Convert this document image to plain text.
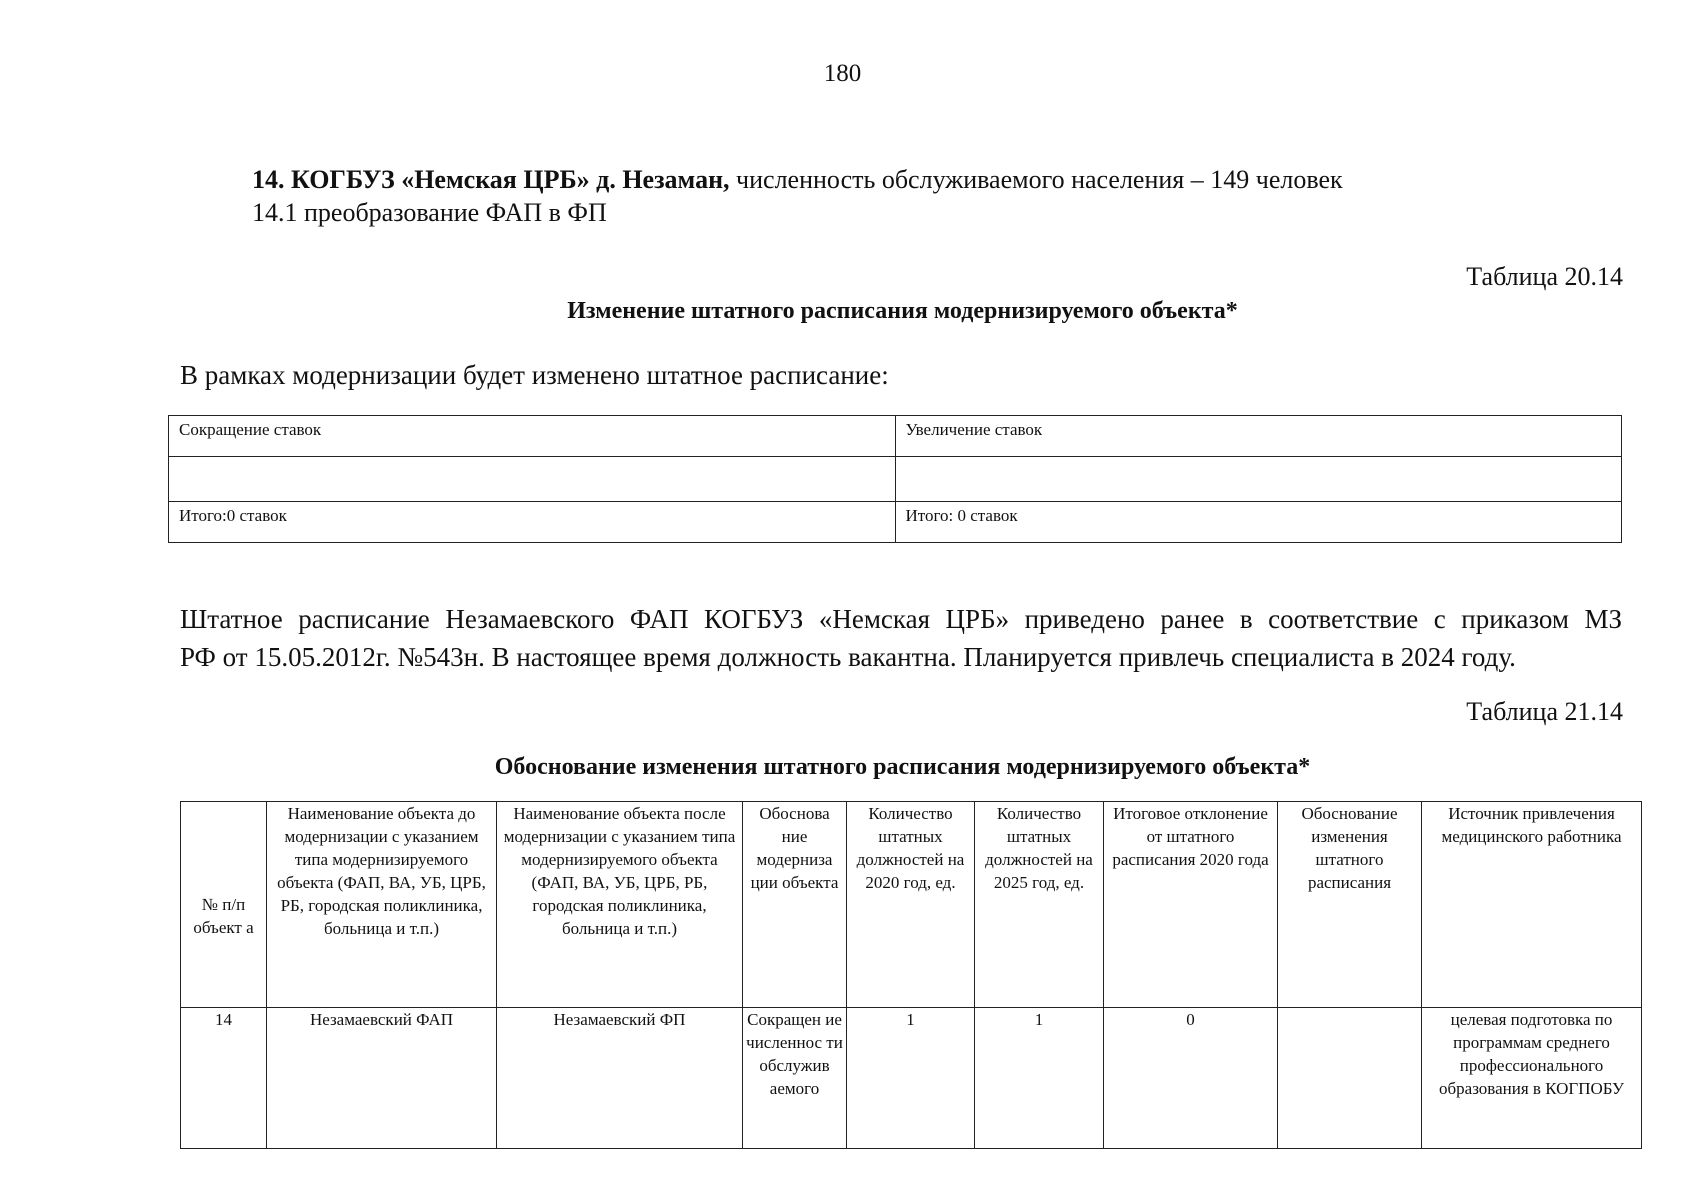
180
14. КОГБУЗ «Немская ЦРБ» д. Незаман, численность обслуживаемого населения – 149 человек
14.1 преобразование ФАП в ФП
Таблица 20.14
Изменение штатного расписания модернизируемого объекта*
В рамках модернизации будет изменено штатное расписание:
Сокращение ставок	Увеличение ставок

Итого:0 ставок	Итого: 0 ставок
Штатное расписание Незамаевского ФАП КОГБУЗ «Немская ЦРБ» приведено ранее в соответствие с приказом МЗ
РФ от 15.05.2012г. №543н. В настоящее время должность вакантна. Планируется привлечь специалиста в 2024 году.
Таблица 21.14
Обоснование изменения штатного расписания модернизируемого объекта*
№ п/п объект а	Наименование объекта до модернизации с указанием типа модернизируемого объекта (ФАП, ВА, УБ, ЦРБ, РБ, городская поликлиника, больница и т.п.)	Наименование объекта после модернизации с указанием типа модернизируемого объекта (ФАП, ВА, УБ, ЦРБ, РБ, городская поликлиника, больница и т.п.)	Обоснова ние модерниза ции объекта	Количество штатных должностей на 2020 год, ед.	Количество штатных должностей на 2025 год, ед.	Итоговое отклонение от штатного расписания 2020 года	Обоснование изменения штатного расписания	Источник привлечения медицинского работника
14	Незамаевский ФАП	Незамаевский ФП	Сокращен ие численнос ти обслужив аемого	1	1	0		целевая подготовка по программам среднего профессионального образования в КОГПОБУ
